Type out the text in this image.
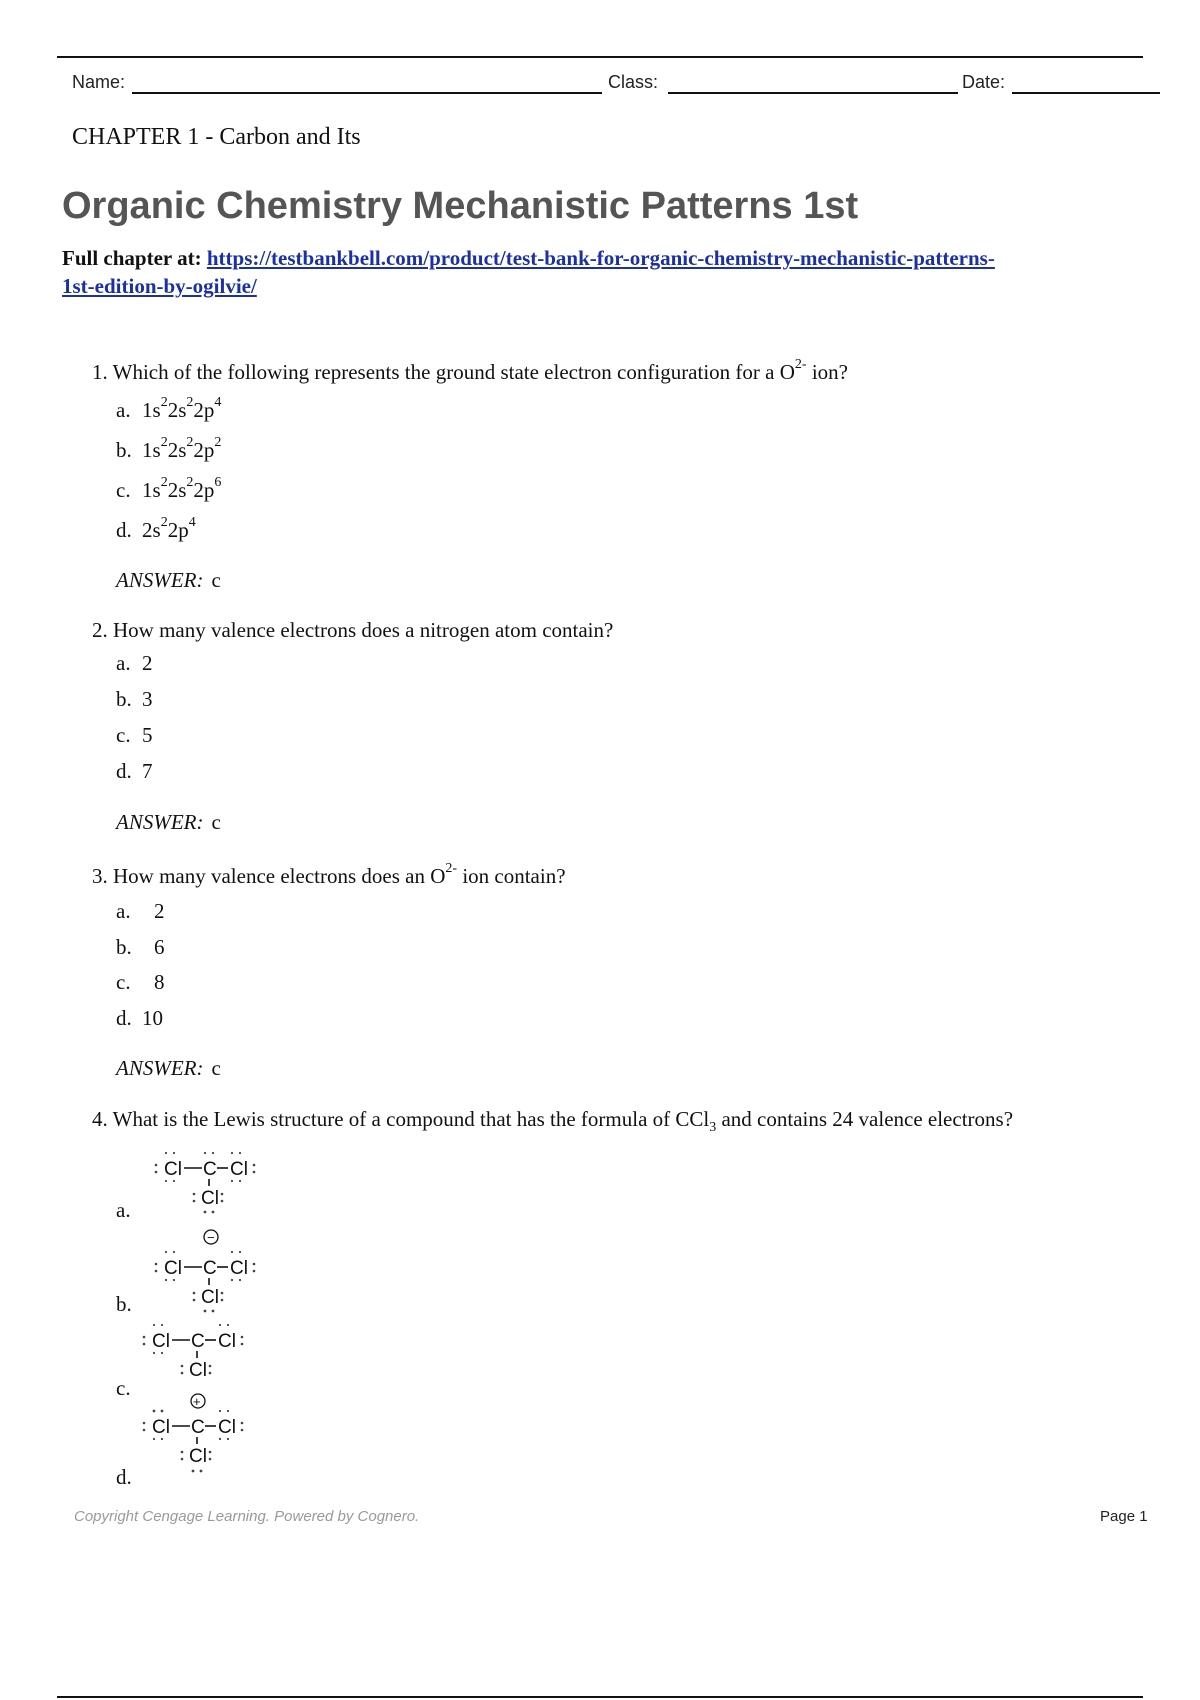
Name:	Class:	Date:
CHAPTER 1 - Carbon and Its
Organic Chemistry Mechanistic Patterns 1st
Full chapter at: https://testbankbell.com/product/test-bank-for-organic-chemistry-mechanistic-patterns-
1st-edition-by-ogilvie/
1. Which of the following represents the ground state electron configuration for a $O^{2-}$ ion?
a. $1s^22s^22p^4$
b. $1s^22s^22p^2$
c. $1s^22s^22p^6$
d. $2s^22p^4$
ANSWER: c
2. How many valence electrons does a nitrogen atom contain?
a. 2
b. 3
c. 5
d. 7
ANSWER: c
3. How many valence electrons does an $O^{2-}$ ion contain?
a. 2
b. 6
c. 8
d. 10
ANSWER: c
4. What is the Lewis structure of a compound that has the formula of CCl$_3$ and contains 24 valence electrons?
a.
Cl C Cl
Cl
b.
−
Cl C Cl
Cl
c.
Cl C Cl
Cl
d.
+
Cl C Cl
Cl
Copyright Cengage Learning. Powered by Cognero.	Page 1
